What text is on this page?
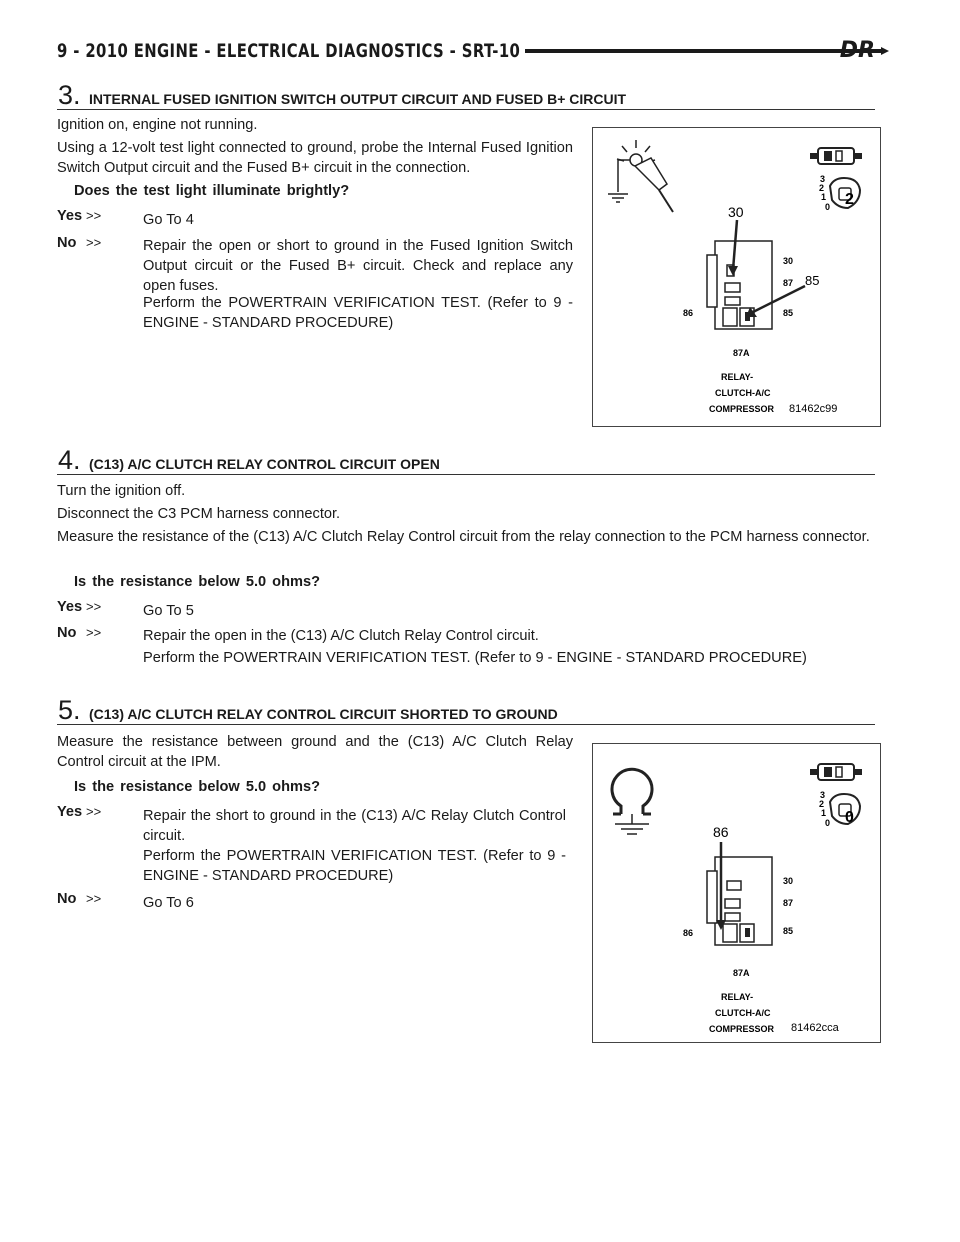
9 - 2010 ENGINE - ELECTRICAL DIAGNOSTICS - SRT-10	DR
3. INTERNAL FUSED IGNITION SWITCH OUTPUT CIRCUIT AND FUSED B+ CIRCUIT
Ignition on, engine not running.
Using a 12-volt test light connected to ground, probe the Internal Fused Ignition Switch Output circuit and the Fused B+ circuit in the connection.
Does the test light illuminate brightly?
Yes >>	Go To 4
No >>	Repair the open or short to ground in the Fused Ignition Switch Output circuit or the Fused B+ circuit. Check and replace any open fuses.
Perform the POWERTRAIN VERIFICATION TEST. (Refer to 9 - ENGINE - STANDARD PROCEDURE)
3
2
1
0 2
30
30
87 85
86	85
87A
RELAY-
CLUTCH-A/C
COMPRESSOR 81462c99
4. (C13) A/C CLUTCH RELAY CONTROL CIRCUIT OPEN
Turn the ignition off.
Disconnect the C3 PCM harness connector.
Measure the resistance of the (C13) A/C Clutch Relay Control circuit from the relay connection to the PCM harness connector.
Is the resistance below 5.0 ohms?
Yes >>	Go To 5
No >>	Repair the open in the (C13) A/C Clutch Relay Control circuit.
Perform the POWERTRAIN VERIFICATION TEST. (Refer to 9 - ENGINE - STANDARD PROCEDURE)
5. (C13) A/C CLUTCH RELAY CONTROL CIRCUIT SHORTED TO GROUND
Measure the resistance between ground and the (C13) A/C Clutch Relay Control circuit at the IPM.
Is the resistance below 5.0 ohms?
Yes >>	Repair the short to ground in the (C13) A/C Relay Clutch Control circuit.
Perform the POWERTRAIN VERIFICATION TEST. (Refer to 9 - ENGINE - STANDARD PROCEDURE)
No >>	Go To 6
3
2
1
0 0
86
30
87
86	85
87A
RELAY-
CLUTCH-A/C
COMPRESSOR 81462cca
